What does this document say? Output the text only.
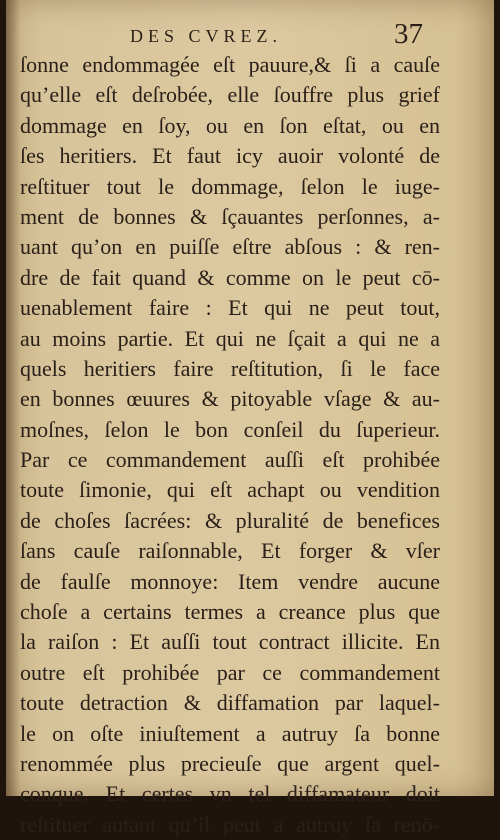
DES CVREZ.	37
ſonne endommagée eſt pauure,& ſi a cauſe
qu’elle eſt deſrobée, elle ſouffre plus grief
dommage en ſoy, ou en ſon eſtat, ou en
ſes heritiers. Et faut icy auoir volonté de
reſtituer tout le dommage, ſelon le iuge-
ment de bonnes & ſçauantes perſonnes, a-
uant qu’on en puiſſe eſtre abſous : & ren-
dre de fait quand & comme on le peut cō-
uenablement faire : Et qui ne peut tout,
au moins partie. Et qui ne ſçait a qui ne a
quels heritiers faire reſtitution, ſi le face
en bonnes œuures & pitoyable vſage & au-
moſnes, ſelon le bon conſeil du ſuperieur.
Par ce commandement auſſi eſt prohibée
toute ſimonie, qui eſt achapt ou vendition
de choſes ſacrées: & pluralité de benefices
ſans cauſe raiſonnable, Et forger & vſer
de faulſe monnoye: Item vendre aucune
choſe a certains termes a creance plus que
la raiſon : Et auſſi tout contract illicite. En
outre eſt prohibée par ce commandement
toute detraction & diffamation par laquel-
le on oſte iniuſtement a autruy ſa bonne
renommée plus precieuſe que argent quel-
conque. Et certes vn tel diffamateur doit
reſtituer autant qu’il peut a autruy ſa renō-
